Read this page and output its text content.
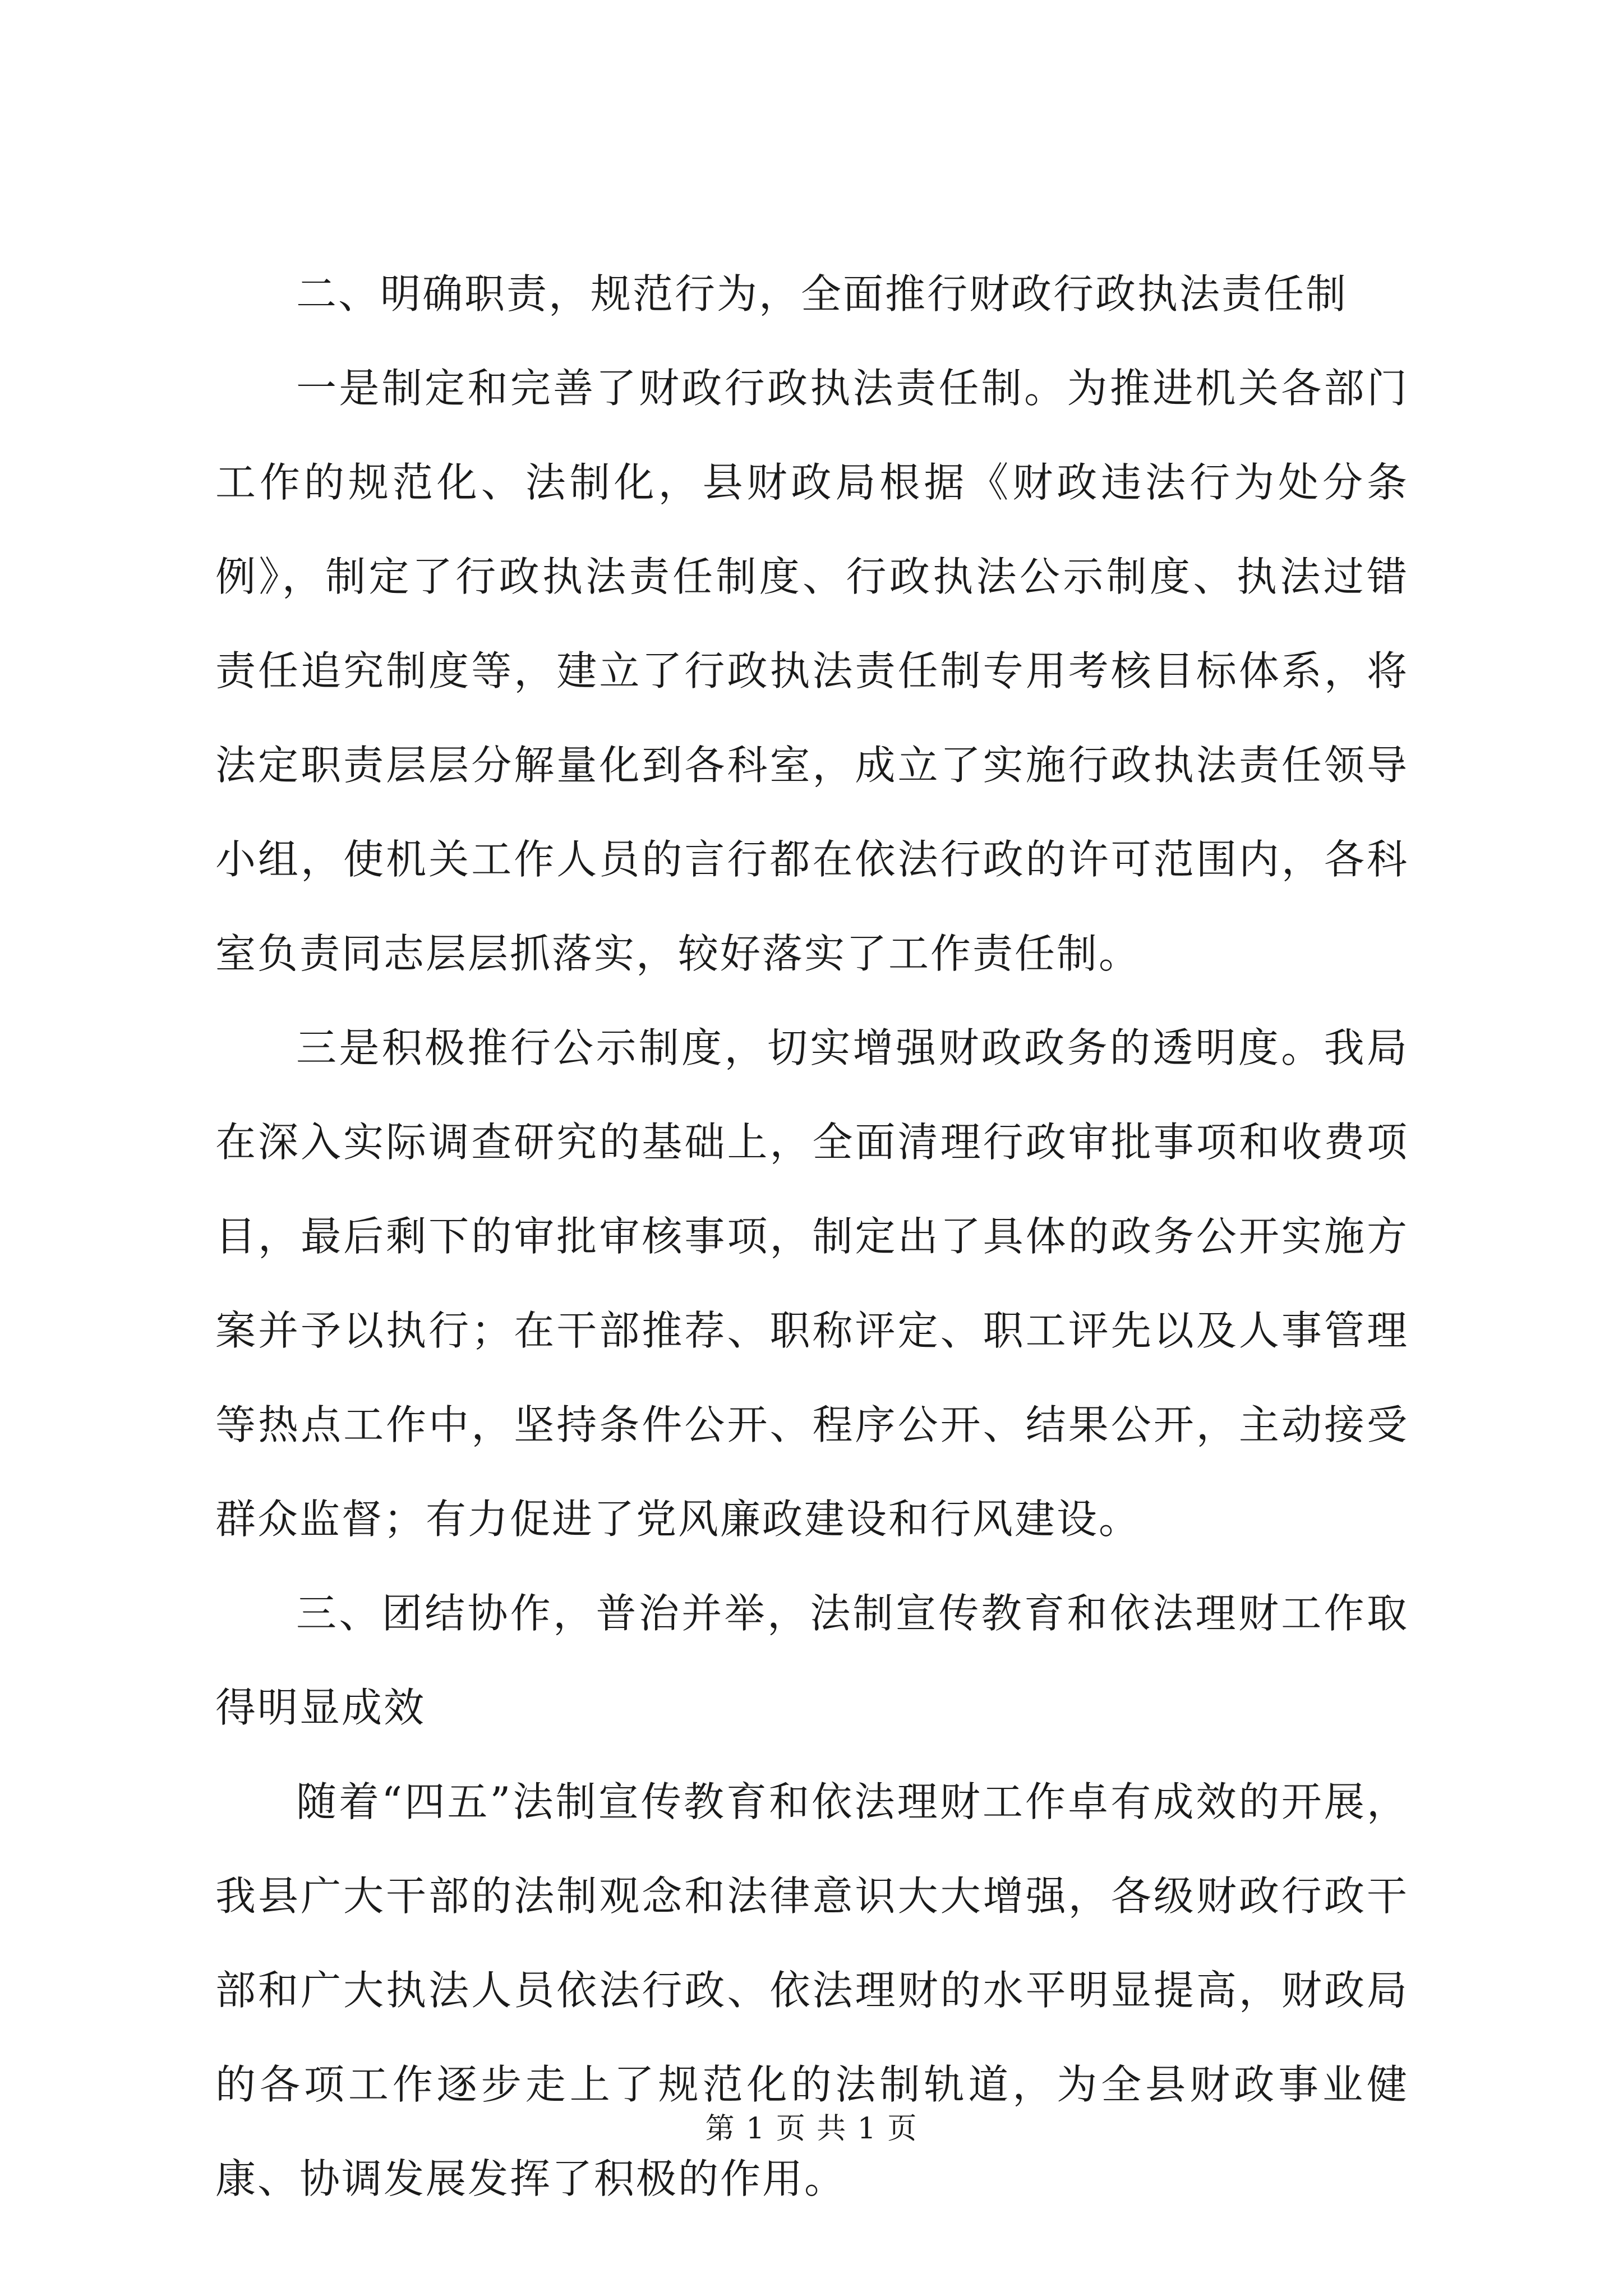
二、明确职责，规范行为，全面推行财政行政执法责任制

一是制定和完善了财政行政执法责任制。为推进机关各部门工作的规范化、法制化，县财政局根据《财政违法行为处分条例》，制定了行政执法责任制度、行政执法公示制度、执法过错责任追究制度等，建立了行政执法责任制专用考核目标体系，将法定职责层层分解量化到各科室，成立了实施行政执法责任领导小组，使机关工作人员的言行都在依法行政的许可范围内，各科室负责同志层层抓落实，较好落实了工作责任制。

三是积极推行公示制度，切实增强财政政务的透明度。我局在深入实际调查研究的基础上，全面清理行政审批事项和收费项目，最后剩下的审批审核事项，制定出了具体的政务公开实施方案并予以执行；在干部推荐、职称评定、职工评先以及人事管理等热点工作中，坚持条件公开、程序公开、结果公开，主动接受群众监督；有力促进了党风廉政建设和行风建设。

三、团结协作，普治并举，法制宣传教育和依法理财工作取得明显成效

随着“四五”法制宣传教育和依法理财工作卓有成效的开展，我县广大干部的法制观念和法律意识大大增强，各级财政行政干部和广大执法人员依法行政、依法理财的水平明显提高，财政局的各项工作逐步走上了规范化的法制轨道，为全县财政事业健康、协调发展发挥了积极的作用。

第 1 页 共 1 页
